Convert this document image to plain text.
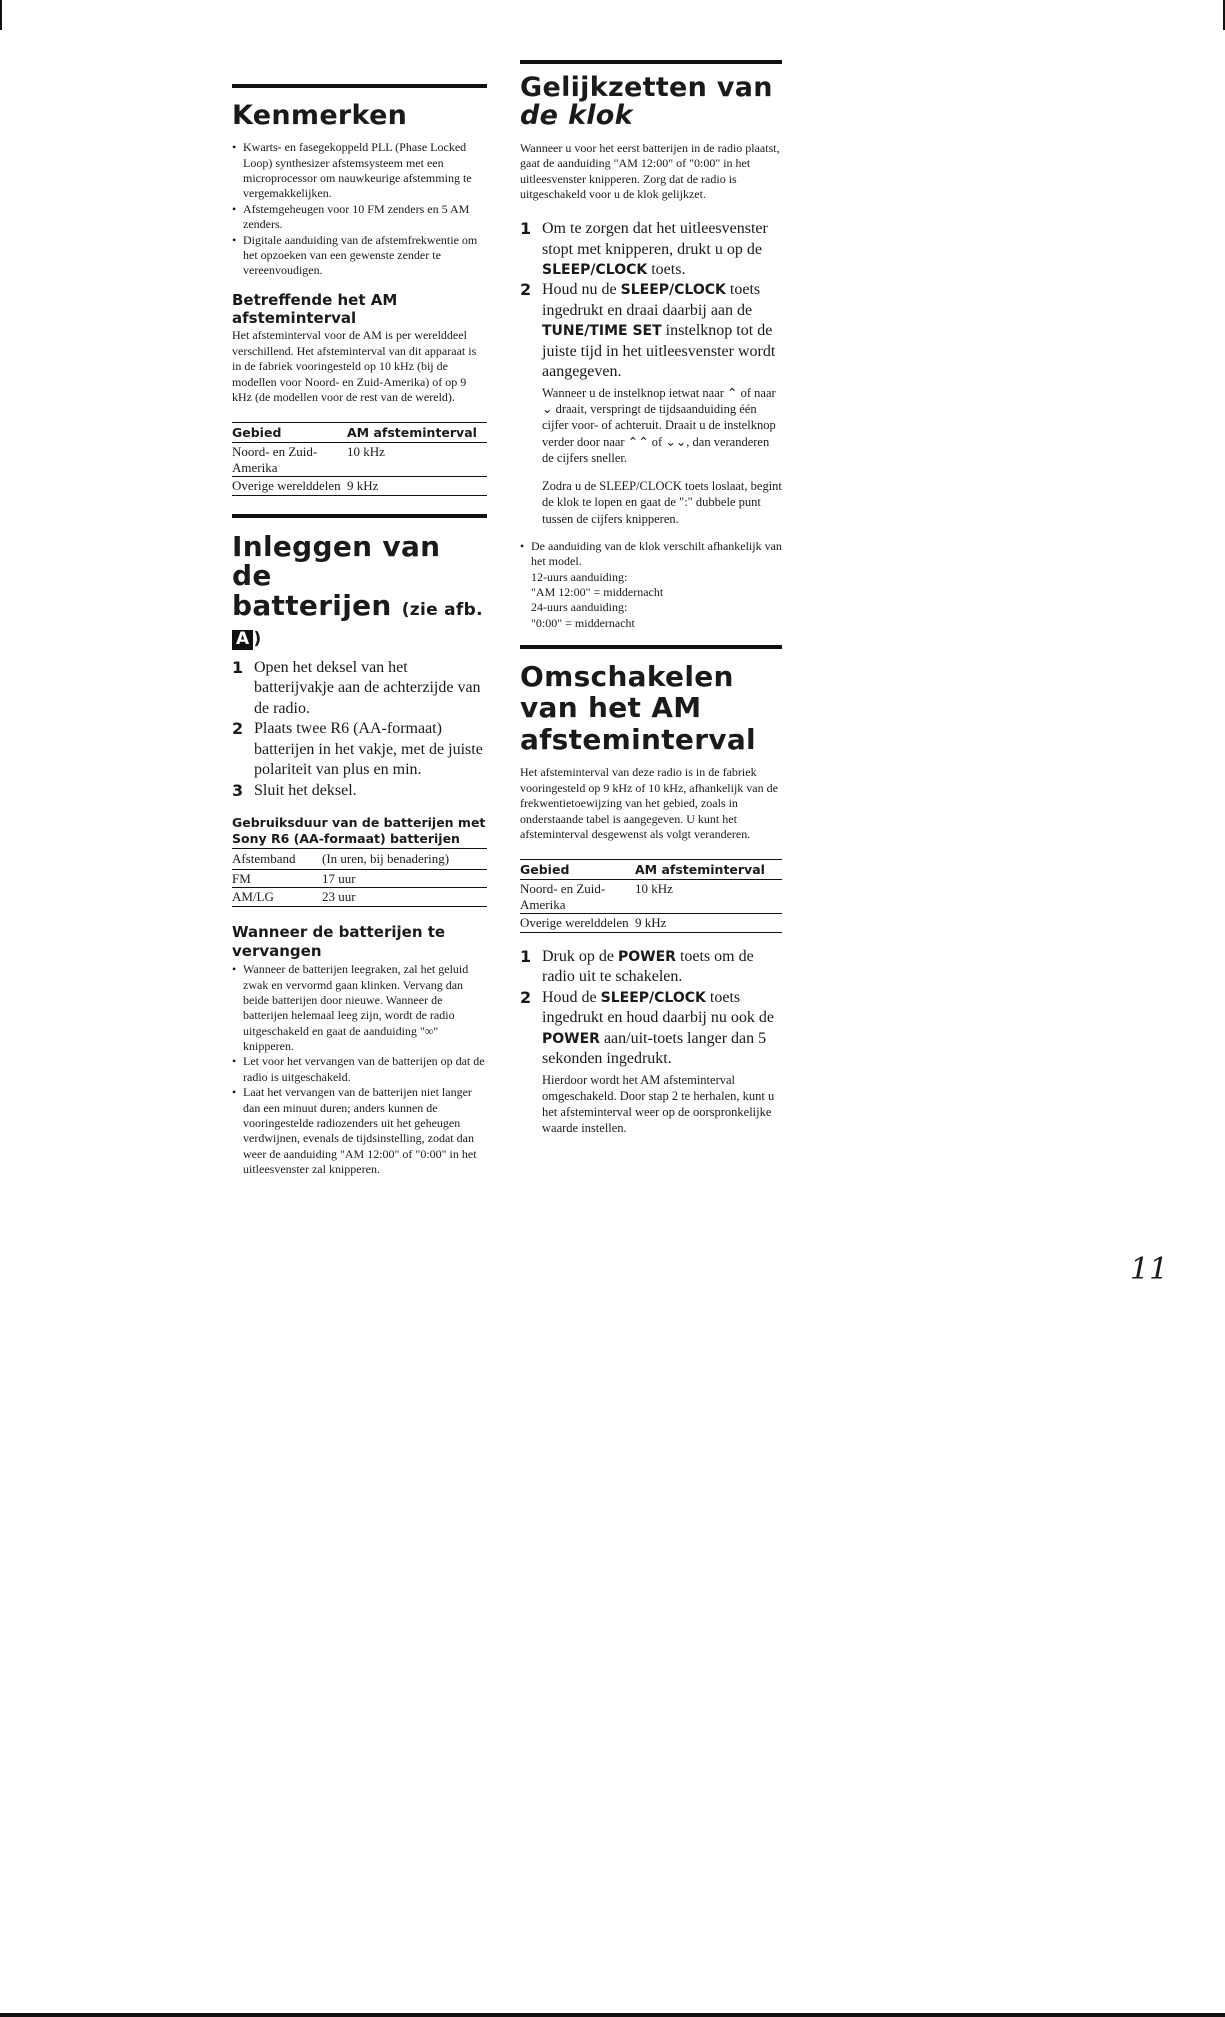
Kenmerken
• Kwarts- en fasegekoppeld PLL (Phase Locked Loop) synthesizer afstemsysteem met een microprocessor om nauwkeurige afstemming te vergemakkelijken.
• Afstemgeheugen voor 10 FM zenders en 5 AM zenders.
• Digitale aanduiding van de afstemfrekwentie om het opzoeken van een gewenste zender te vereenvoudigen.
Betreffende het AM afsteminterval

Het afsteminterval voor de AM is per werelddeel verschillend. Het afsteminterval van dit apparaat is in de fabriek vooringesteld op 10 kHz (bij de modellen voor Noord- en Zuid-Amerika) of op 9 kHz (de modellen voor de rest van de wereld).

Gebied	AM afsteminterval
Noord- en Zuid-Amerika	10 kHz
Overige werelddelen	9 kHz
Inleggen van de
batterijen (zie afb.
A )
1 Open het deksel van het batterijvakje aan de achterzijde van de radio.
2 Plaats twee R6 (AA-formaat) batterijen in het vakje, met de juiste polariteit van plus en min.
3 Sluit het deksel.
Gebruiksduur van de batterijen met Sony R6 (AA-formaat) batterijen
Afstemband	(In uren, bij benadering)
FM	17 uur
AM/LG	23 uur
Wanneer de batterijen te vervangen
• Wanneer de batterijen leegraken, zal het geluid zwak en vervormd gaan klinken. Vervang dan beide batterijen door nieuwe. Wanneer de batterijen helemaal leeg zijn, wordt de radio uitgeschakeld en gaat de aanduiding "∞" knipperen.
• Let voor het vervangen van de batterijen op dat de radio is uitgeschakeld.
• Laat het vervangen van de batterijen niet langer dan een minuut duren; anders kunnen de vooringestelde radiozenders uit het geheugen verdwijnen, evenals de tijdsinstelling, zodat dan weer de aanduiding "AM 12:00" of "0:00" in het uitleesvenster zal knipperen.
Gelijkzetten van
de klok

Wanneer u voor het eerst batterijen in de radio plaatst, gaat de aanduiding "AM 12:00" of "0:00" in het uitleesvenster knipperen. Zorg dat de radio is uitgeschakeld voor u de klok gelijkzet.

1 Om te zorgen dat het uitleesvenster stopt met knipperen, drukt u op de SLEEP/CLOCK toets.
2 Houd nu de SLEEP/CLOCK toets ingedrukt en draai daarbij aan de TUNE/TIME SET instelknop tot de juiste tijd in het uitleesvenster wordt aangegeven.
Wanneer u de instelknop ietwat naar ⌃ of naar ⌄ draait, verspringt de tijdsaanduiding één cijfer voor- of achteruit. Draait u de instelknop verder door naar ⌃⌃ of ⌄⌄, dan veranderen de cijfers sneller.
Zodra u de SLEEP/CLOCK toets loslaat, begint de klok te lopen en gaat de ":" dubbele punt tussen de cijfers knipperen.
• De aanduiding van de klok verschilt afhankelijk van het model.
12-uurs aanduiding:
"AM 12:00" = middernacht
24-uurs aanduiding:
"0:00" = middernacht
Omschakelen
van het AM
afsteminterval

Het afsteminterval van deze radio is in de fabriek vooringesteld op 9 kHz of 10 kHz, afhankelijk van de frekwentietoewijzing van het gebied, zoals in onderstaande tabel is aangegeven. U kunt het afsteminterval desgewenst als volgt veranderen.

Gebied	AM afsteminterval
Noord- en Zuid-Amerika	10 kHz
Overige werelddelen	9 kHz
1 Druk op de POWER toets om de radio uit te schakelen.
2 Houd de SLEEP/CLOCK toets ingedrukt en houd daarbij nu ook de POWER aan/uit-toets langer dan 5 sekonden ingedrukt.
Hierdoor wordt het AM afsteminterval omgeschakeld. Door stap 2 te herhalen, kunt u het afsteminterval weer op de oorspronkelijke waarde instellen.
11
